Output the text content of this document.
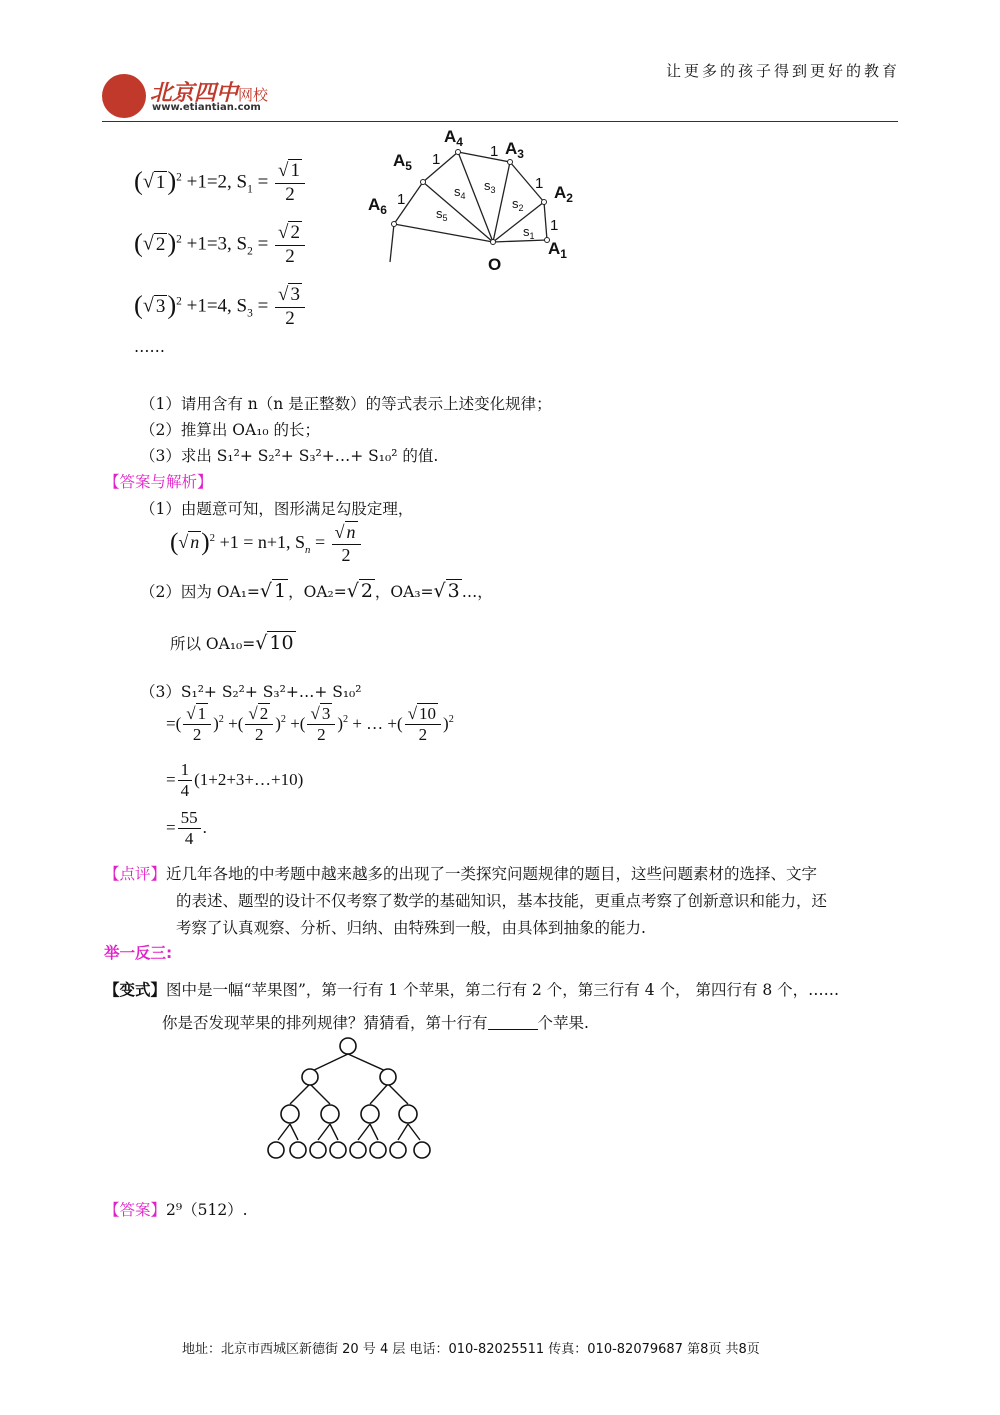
北京四中网校
www.etiantian.com
让更多的孩子得到更好的教育
(√ 1)$^2$ +1=2, $S_1 = \frac{√ 1}{2}$
(√ 2)$^2$ +1=3, $S_2 = \frac{√ 2}{2}$
(√ 3)$^2$ +1=4, $S_3 = \frac{√ 3}{2}$
……
$A_1$
$A_2$
$A_3$
$A_4$
$A_5$
$A_6$
O
1
1
1
1
1
$s_1$
$s_2$
$s_3$
$s_4$
$s_5$
（1）请用含有 n（n 是正整数）的等式表示上述变化规律；
（2）推算出 OA₁₀ 的长；
（3）求出 S₁²+ S₂²+ S₃²+…+ S₁₀² 的值.
【答案与解析】
（1）由题意可知，图形满足勾股定理，
(√ n)$^2$ +1 = n+1, $S_n = \frac{√ n}{2}$
（2）因为 OA₁=√ 1 ，OA₂=√ 2 ，OA₃=√ 3 …，
所以 OA₁₀=√ 10
（3）S₁²+ S₂²+ S₃²+…+ S₁₀²
=( $\frac{√ 1}{2} )^2$ +( $\frac{√ 2}{2} )^2$ +( $\frac{√ 3}{2} )^2$ + … +( $\frac{√ 10}{2} )^2$
= $\frac{1}{4}$ (1+2+3+…+10)
= $\frac{55}{4}$ .
【点评】近几年各地的中考题中越来越多的出现了一类探究问题规律的题目，这些问题素材的选择、文字
的表述、题型的设计不仅考察了数学的基础知识，基本技能，更重点考察了创新意识和能力，还
考察了认真观察、分析、归纳、由特殊到一般，由具体到抽象的能力.
举一反三:
【变式】图中是一幅“苹果图”，第一行有 1 个苹果，第二行有 2 个，第三行有 4 个， 第四行有 8 个，……
你是否发现苹果的排列规律？猜猜看，第十行有	个苹果.
【答案】2⁹（512）.
地址：北京市西城区新德街 20 号 4 层 电话：010-82025511 传真：010-82079687 第8页 共8页
